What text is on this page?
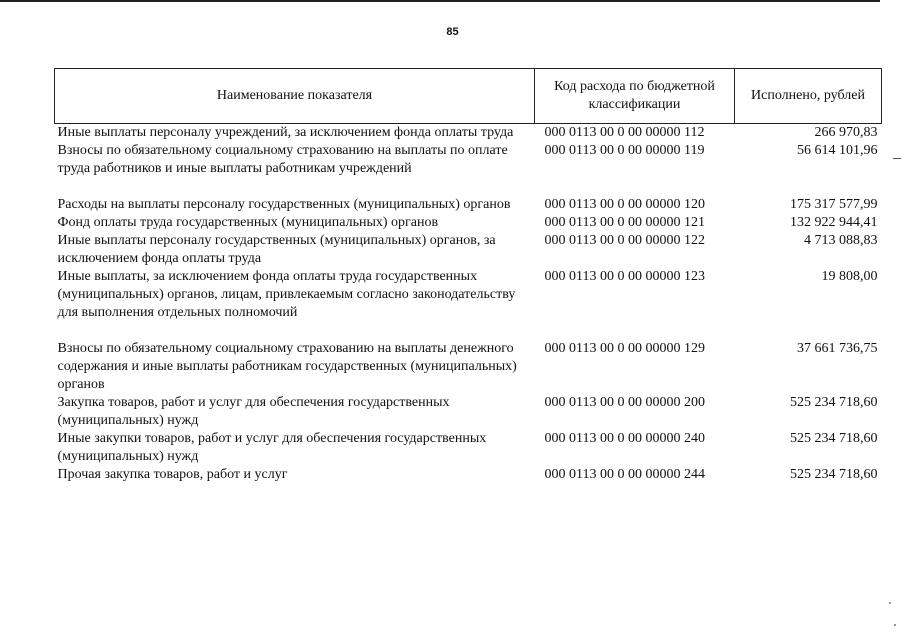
85
Наименование показателя	Код расхода по бюджетной классификации	Исполнено, рублей
Иные выплаты персоналу учреждений, за исключением фонда оплаты труда	000 0113 00 0 00 00000 112	266 970,83
Взносы по обязательному социальному страхованию на выплаты по оплате труда работников и иные выплаты работникам учреждений	000 0113 00 0 00 00000 119	56 614 101,96
Расходы на выплаты персоналу государственных (муниципальных) органов	000 0113 00 0 00 00000 120	175 317 577,99
Фонд оплаты труда государственных (муниципальных) органов	000 0113 00 0 00 00000 121	132 922 944,41
Иные выплаты персоналу государственных (муниципальных) органов, за исключением фонда оплаты труда	000 0113 00 0 00 00000 122	4 713 088,83
Иные выплаты, за исключением фонда оплаты труда государственных (муниципальных) органов, лицам, привлекаемым согласно законодательству для выполнения отдельных полномочий	000 0113 00 0 00 00000 123	19 808,00
Взносы по обязательному социальному страхованию на выплаты денежного содержания и иные выплаты работникам государственных (муниципальных) органов	000 0113 00 0 00 00000 129	37 661 736,75
Закупка товаров, работ и услуг для обеспечения государственных (муниципальных) нужд	000 0113 00 0 00 00000 200	525 234 718,60
Иные закупки товаров, работ и услуг для обеспечения государственных (муниципальных) нужд	000 0113 00 0 00 00000 240	525 234 718,60
Прочая закупка товаров, работ и услуг	000 0113 00 0 00 00000 244	525 234 718,60
